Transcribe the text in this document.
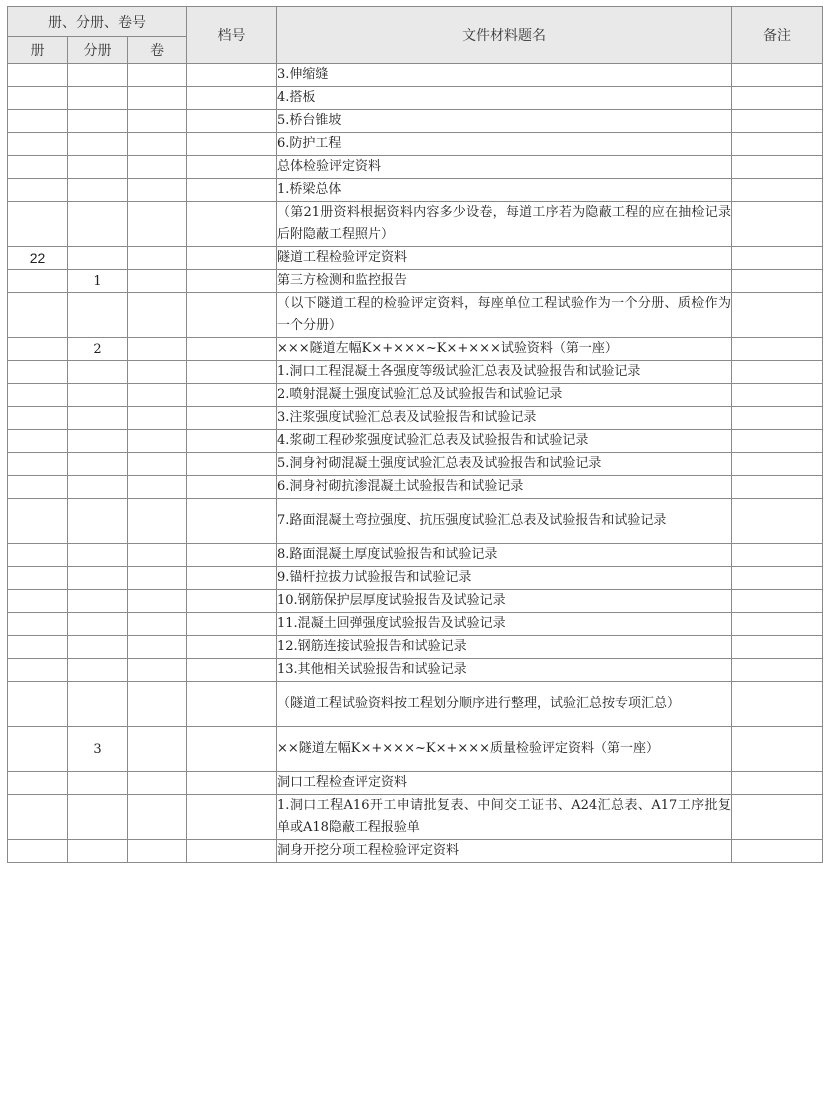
册、分册、卷号			档号	文件材料题名	备注
册	分册	卷			
				3.伸缩缝	
				4.搭板	
				5.桥台锥坡	
				6.防护工程	
				总体检验评定资料	
				1.桥梁总体	
				（第21册资料根据资料内容多少设卷，每道工序若为隐蔽工程的应在抽检记录后附隐蔽工程照片）	
22				隧道工程检验评定资料	
	1			第三方检测和监控报告	
				（以下隧道工程的检验评定资料，每座单位工程试验作为一个分册、质检作为一个分册）	
	2			×××隧道左幅K×+×××~K×+×××试验资料（第一座）	
				1.洞口工程混凝土各强度等级试验汇总表及试验报告和试验记录	
				2.喷射混凝土强度试验汇总及试验报告和试验记录	
				3.注浆强度试验汇总表及试验报告和试验记录	
				4.浆砌工程砂浆强度试验汇总表及试验报告和试验记录	
				5.洞身衬砌混凝土强度试验汇总表及试验报告和试验记录	
				6.洞身衬砌抗渗混凝土试验报告和试验记录	
				7.路面混凝土弯拉强度、抗压强度试验汇总表及试验报告和试验记录	
				8.路面混凝土厚度试验报告和试验记录	
				9.锚杆拉拔力试验报告和试验记录	
				10.钢筋保护层厚度试验报告及试验记录	
				11.混凝土回弹强度试验报告及试验记录	
				12.钢筋连接试验报告和试验记录	
				13.其他相关试验报告和试验记录	
				（隧道工程试验资料按工程划分顺序进行整理，试验汇总按专项汇总）	
	3			××隧道左幅K×+×××~K×+×××质量检验评定资料（第一座）	
				洞口工程检查评定资料	
				1.洞口工程A16开工申请批复表、中间交工证书、A24汇总表、A17工序批复单或A18隐蔽工程报验单	
				洞身开挖分项工程检验评定资料	
